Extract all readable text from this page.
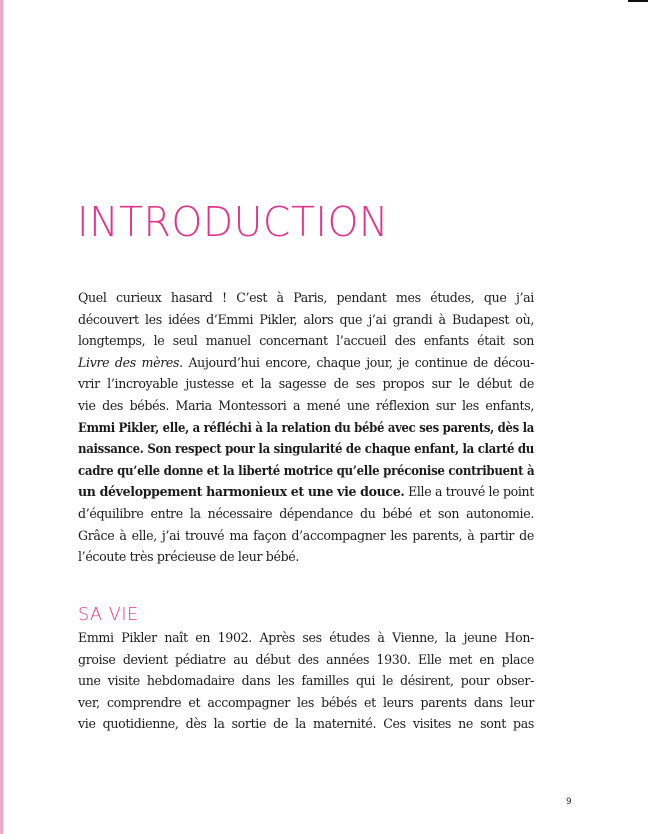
INTRODUCTION

Quel curieux hasard ! C’est à Paris, pendant mes études, que j’ai
découvert les idées d’Emmi Pikler, alors que j’ai grandi à Budapest où,
longtemps, le seul manuel concernant l’accueil des enfants était son
Livre des mères. Aujourd’hui encore, chaque jour, je continue de décou-
vrir l’incroyable justesse et la sagesse de ses propos sur le début de
vie des bébés. Maria Montessori a mené une réflexion sur les enfants,
Emmi Pikler, elle, a réfléchi à la relation du bébé avec ses parents, dès la
naissance. Son respect pour la singularité de chaque enfant, la clarté du
cadre qu’elle donne et la liberté motrice qu’elle préconise contribuent à
un développement harmonieux et une vie douce. Elle a trouvé le point
d’équilibre entre la nécessaire dépendance du bébé et son autonomie.
Grâce à elle, j’ai trouvé ma façon d’accompagner les parents, à partir de
l’écoute très précieuse de leur bébé.

SA VIE

Emmi Pikler naît en 1902. Après ses études à Vienne, la jeune Hon-
groise devient pédiatre au début des années 1930. Elle met en place
une visite hebdomadaire dans les familles qui le désirent, pour obser-
ver, comprendre et accompagner les bébés et leurs parents dans leur
vie quotidienne, dès la sortie de la maternité. Ces visites ne sont pas

9
